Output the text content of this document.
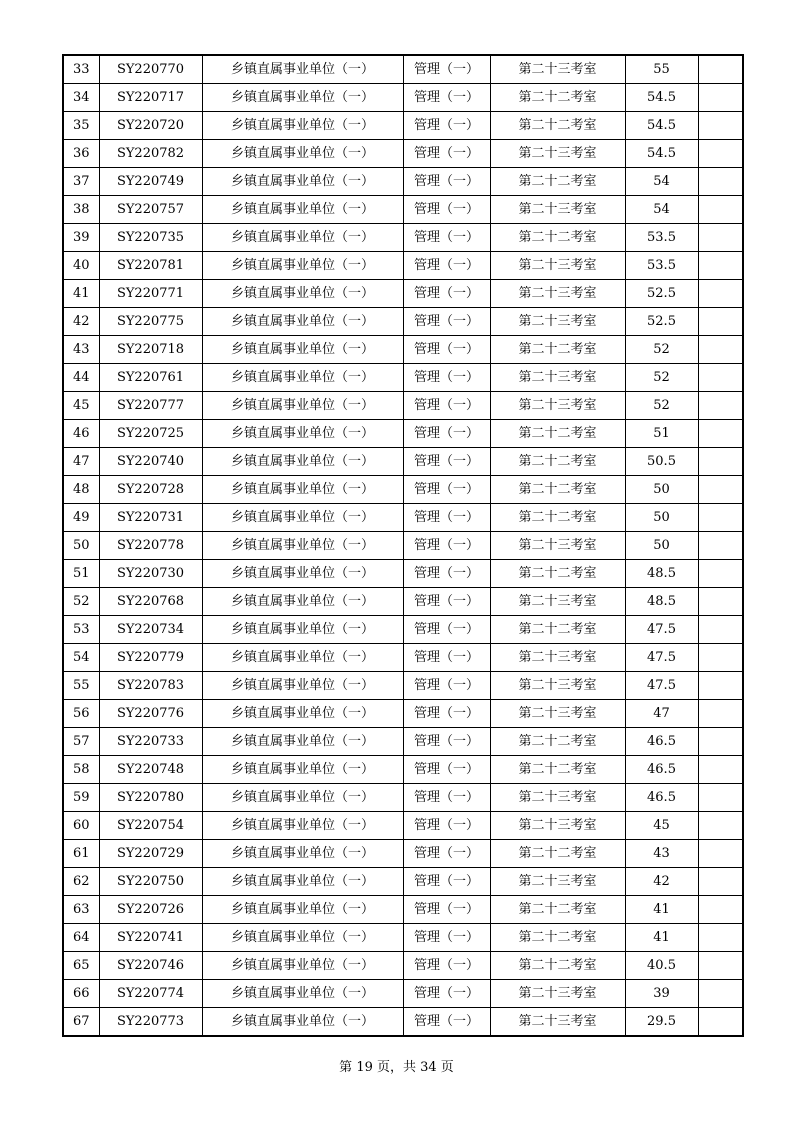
33	SY220770	乡镇直属事业单位（一）	管理（一）	第二十三考室	55	
34	SY220717	乡镇直属事业单位（一）	管理（一）	第二十二考室	54.5	
35	SY220720	乡镇直属事业单位（一）	管理（一）	第二十二考室	54.5	
36	SY220782	乡镇直属事业单位（一）	管理（一）	第二十三考室	54.5	
37	SY220749	乡镇直属事业单位（一）	管理（一）	第二十二考室	54	
38	SY220757	乡镇直属事业单位（一）	管理（一）	第二十三考室	54	
39	SY220735	乡镇直属事业单位（一）	管理（一）	第二十二考室	53.5	
40	SY220781	乡镇直属事业单位（一）	管理（一）	第二十三考室	53.5	
41	SY220771	乡镇直属事业单位（一）	管理（一）	第二十三考室	52.5	
42	SY220775	乡镇直属事业单位（一）	管理（一）	第二十三考室	52.5	
43	SY220718	乡镇直属事业单位（一）	管理（一）	第二十二考室	52	
44	SY220761	乡镇直属事业单位（一）	管理（一）	第二十三考室	52	
45	SY220777	乡镇直属事业单位（一）	管理（一）	第二十三考室	52	
46	SY220725	乡镇直属事业单位（一）	管理（一）	第二十二考室	51	
47	SY220740	乡镇直属事业单位（一）	管理（一）	第二十二考室	50.5	
48	SY220728	乡镇直属事业单位（一）	管理（一）	第二十二考室	50	
49	SY220731	乡镇直属事业单位（一）	管理（一）	第二十二考室	50	
50	SY220778	乡镇直属事业单位（一）	管理（一）	第二十三考室	50	
51	SY220730	乡镇直属事业单位（一）	管理（一）	第二十二考室	48.5	
52	SY220768	乡镇直属事业单位（一）	管理（一）	第二十三考室	48.5	
53	SY220734	乡镇直属事业单位（一）	管理（一）	第二十二考室	47.5	
54	SY220779	乡镇直属事业单位（一）	管理（一）	第二十三考室	47.5	
55	SY220783	乡镇直属事业单位（一）	管理（一）	第二十三考室	47.5	
56	SY220776	乡镇直属事业单位（一）	管理（一）	第二十三考室	47	
57	SY220733	乡镇直属事业单位（一）	管理（一）	第二十二考室	46.5	
58	SY220748	乡镇直属事业单位（一）	管理（一）	第二十二考室	46.5	
59	SY220780	乡镇直属事业单位（一）	管理（一）	第二十三考室	46.5	
60	SY220754	乡镇直属事业单位（一）	管理（一）	第二十三考室	45	
61	SY220729	乡镇直属事业单位（一）	管理（一）	第二十二考室	43	
62	SY220750	乡镇直属事业单位（一）	管理（一）	第二十三考室	42	
63	SY220726	乡镇直属事业单位（一）	管理（一）	第二十二考室	41	
64	SY220741	乡镇直属事业单位（一）	管理（一）	第二十二考室	41	
65	SY220746	乡镇直属事业单位（一）	管理（一）	第二十二考室	40.5	
66	SY220774	乡镇直属事业单位（一）	管理（一）	第二十三考室	39	
67	SY220773	乡镇直属事业单位（一）	管理（一）	第二十三考室	29.5	
第 19 页，共 34 页
